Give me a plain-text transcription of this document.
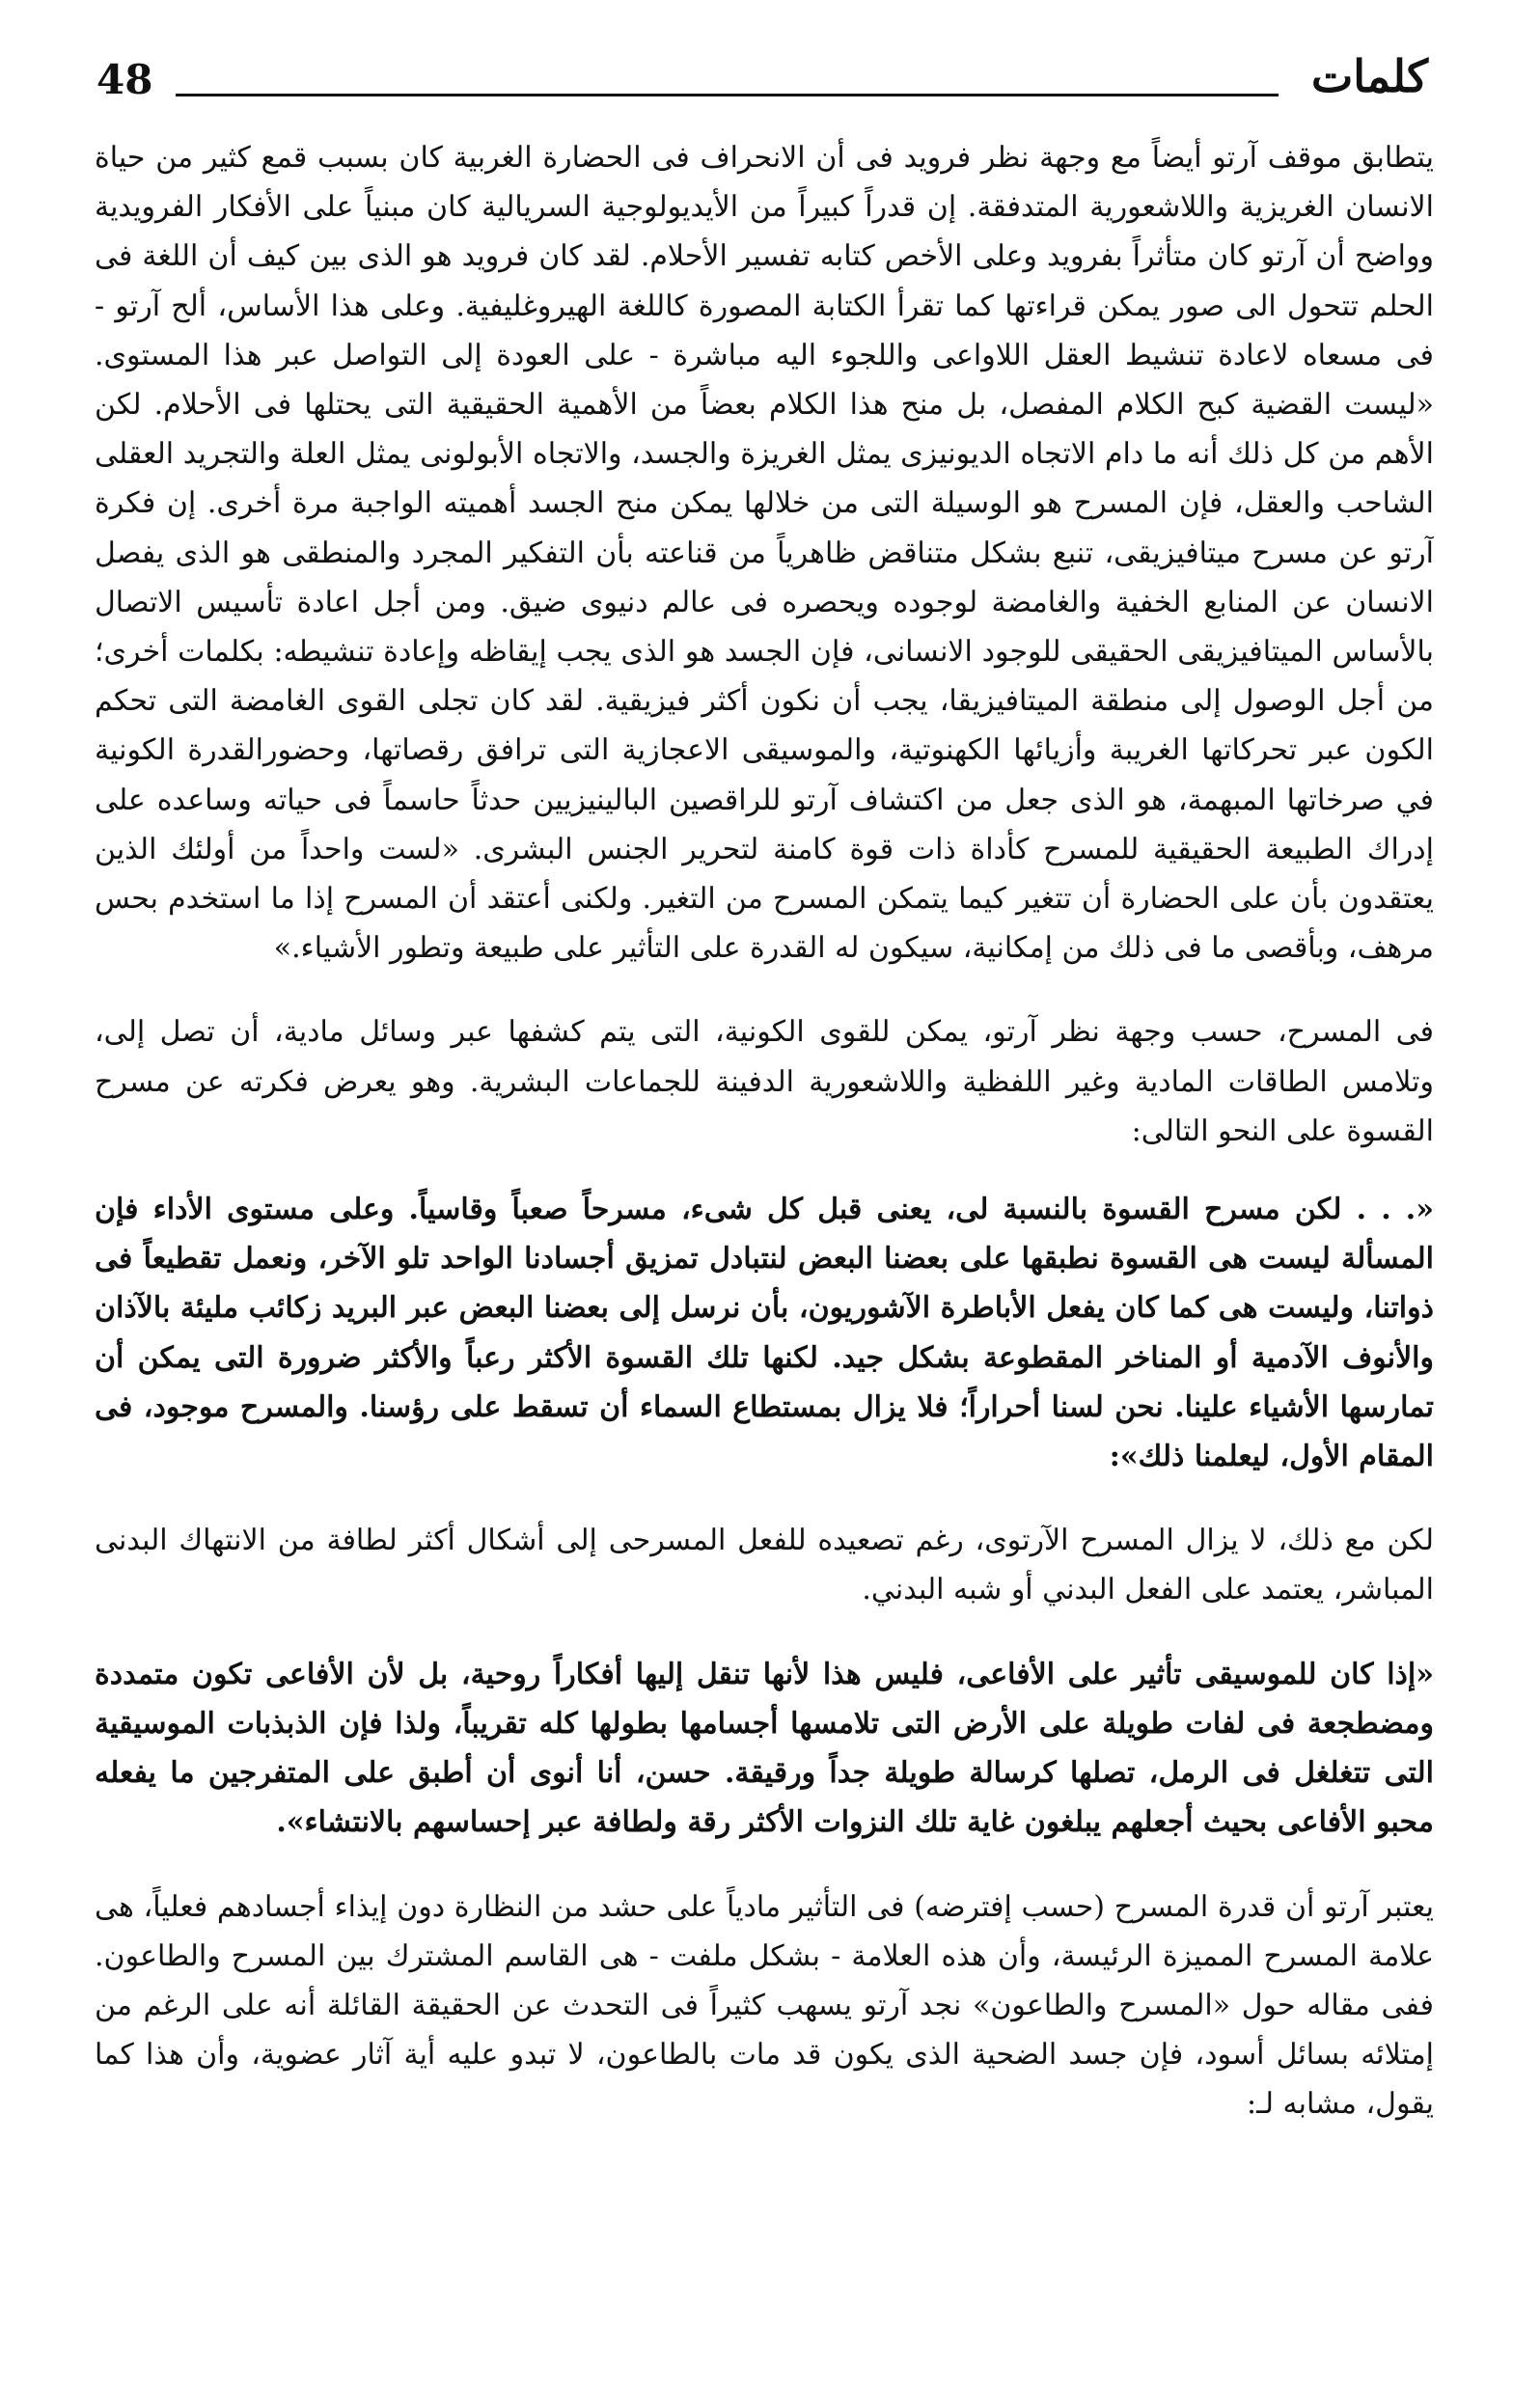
48	كلمات

يتطابق موقف آرتو أيضاً مع وجهة نظر فرويد فى أن الانحراف فى الحضارة الغربية كان بسبب قمع كثير من حياة الانسان الغريزية واللاشعورية المتدفقة. إن قدراً كبيراً من الأيديولوجية السريالية كان مبنياً على الأفكار الفرويدية وواضح أن آرتو كان متأثراً بفرويد وعلى الأخص كتابه تفسير الأحلام. لقد كان فرويد هو الذى بين كيف أن اللغة فى الحلم تتحول الى صور يمكن قراءتها كما تقرأ الكتابة المصورة كاللغة الهيروغليفية. وعلى هذا الأساس، ألح آرتو - فى مسعاه لاعادة تنشيط العقل اللاواعى واللجوء اليه مباشرة - على العودة إلى التواصل عبر هذا المستوى. «ليست القضية كبح الكلام المفصل، بل منح هذا الكلام بعضاً من الأهمية الحقيقية التى يحتلها فى الأحلام. لكن الأهم من كل ذلك أنه ما دام الاتجاه الديونيزى يمثل الغريزة والجسد، والاتجاه الأبولونى يمثل العلة والتجريد العقلى الشاحب والعقل، فإن المسرح هو الوسيلة التى من خلالها يمكن منح الجسد أهميته الواجبة مرة أخرى. إن فكرة آرتو عن مسرح ميتافيزيقى، تنبع بشكل متناقض ظاهرياً من قناعته بأن التفكير المجرد والمنطقى هو الذى يفصل الانسان عن المنابع الخفية والغامضة لوجوده ويحصره فى عالم دنيوى ضيق. ومن أجل اعادة تأسيس الاتصال بالأساس الميتافيزيقى الحقيقى للوجود الانسانى، فإن الجسد هو الذى يجب إيقاظه وإعادة تنشيطه: بكلمات أخرى؛ من أجل الوصول إلى منطقة الميتافيزيقا، يجب أن نكون أكثر فيزيقية. لقد كان تجلى القوى الغامضة التى تحكم الكون عبر تحركاتها الغريبة وأزيائها الكهنوتية، والموسيقى الاعجازية التى ترافق رقصاتها، وحضورالقدرة الكونية في صرخاتها المبهمة، هو الذى جعل من اكتشاف آرتو للراقصين البالينيزيين حدثاً حاسماً فى حياته وساعده على إدراك الطبيعة الحقيقية للمسرح كأداة ذات قوة كامنة لتحرير الجنس البشرى. «لست واحداً من أولئك الذين يعتقدون بأن على الحضارة أن تتغير كيما يتمكن المسرح من التغير. ولكنى أعتقد أن المسرح إذا ما استخدم بحس مرهف، وبأقصى ما فى ذلك من إمكانية، سيكون له القدرة على التأثير على طبيعة وتطور الأشياء.»

فى المسرح، حسب وجهة نظر آرتو، يمكن للقوى الكونية، التى يتم كشفها عبر وسائل مادية، أن تصل إلى، وتلامس الطاقات المادية وغير اللفظية واللاشعورية الدفينة للجماعات البشرية. وهو يعرض فكرته عن مسرح القسوة على النحو التالى:

«. . . لكن مسرح القسوة بالنسبة لى، يعنى قبل كل شىء، مسرحاً صعباً وقاسياً. وعلى مستوى الأداء فإن المسألة ليست هى القسوة نطبقها على بعضنا البعض لنتبادل تمزيق أجسادنا الواحد تلو الآخر، ونعمل تقطيعاً فى ذواتنا، وليست هى كما كان يفعل الأباطرة الآشوريون، بأن نرسل إلى بعضنا البعض عبر البريد زكائب مليئة بالآذان والأنوف الآدمية أو المناخر المقطوعة بشكل جيد. لكنها تلك القسوة الأكثر رعباً والأكثر ضرورة التى يمكن أن تمارسها الأشياء علينا. نحن لسنا أحراراً؛ فلا يزال بمستطاع السماء أن تسقط على رؤسنا. والمسرح موجود، فى المقام الأول، ليعلمنا ذلك»:

لكن مع ذلك، لا يزال المسرح الآرتوى، رغم تصعيده للفعل المسرحى إلى أشكال أكثر لطافة من الانتهاك البدنى المباشر، يعتمد على الفعل البدني أو شبه البدني.

«إذا كان للموسيقى تأثير على الأفاعى، فليس هذا لأنها تنقل إليها أفكاراً روحية، بل لأن الأفاعى تكون متمددة ومضطجعة فى لفات طويلة على الأرض التى تلامسها أجسامها بطولها كله تقريباً، ولذا فإن الذبذبات الموسيقية التى تتغلغل فى الرمل، تصلها كرسالة طويلة جداً ورقيقة. حسن، أنا أنوى أن أطبق على المتفرجين ما يفعله محبو الأفاعى بحيث أجعلهم يبلغون غاية تلك النزوات الأكثر رقة ولطافة عبر إحساسهم بالانتشاء».

يعتبر آرتو أن قدرة المسرح (حسب إفترضه) فى التأثير مادياً على حشد من النظارة دون إيذاء أجسادهم فعلياً، هى علامة المسرح المميزة الرئيسة، وأن هذه العلامة - بشكل ملفت - هى القاسم المشترك بين المسرح والطاعون. ففى مقاله حول «المسرح والطاعون» نجد آرتو يسهب كثيراً فى التحدث عن الحقيقة القائلة أنه على الرغم من إمتلائه بسائل أسود، فإن جسد الضحية الذى يكون قد مات بالطاعون، لا تبدو عليه أية آثار عضوية، وأن هذا كما يقول، مشابه لـ:
